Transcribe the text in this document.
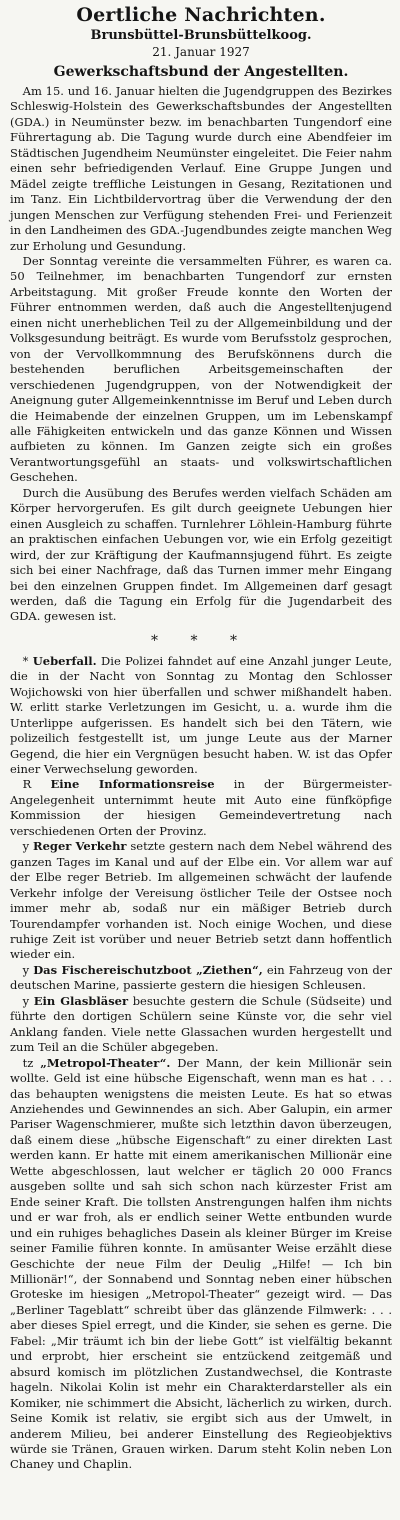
Oertliche Nachrichten.
Brunsbüttel-Brunsbüttelkoog.
21. Januar 1927
Gewerkschaftsbund der Angestellten.

Am 15. und 16. Januar hielten die Jugendgruppen des Bezirkes Schleswig-Holstein des Gewerkschaftsbundes der Angestellten (GDA.) in Neumünster bezw. im benachbarten Tungendorf eine Führertagung ab. Die Tagung wurde durch eine Abendfeier im Städtischen Jugendheim Neumünster eingeleitet. Die Feier nahm einen sehr befriedigenden Verlauf. Eine Gruppe Jungen und Mädel zeigte treffliche Leistungen in Gesang, Rezitationen und im Tanz. Ein Lichtbildervortrag über die Verwendung der den jungen Menschen zur Verfügung stehenden Frei- und Ferienzeit in den Landheimen des GDA.-Jugendbundes zeigte manchen Weg zur Erholung und Gesundung.

Der Sonntag vereinte die versammelten Führer, es waren ca. 50 Teilnehmer, im benachbarten Tungendorf zur ernsten Arbeitstagung. Mit großer Freude konnte den Worten der Führer entnommen werden, daß auch die Angestelltenjugend einen nicht unerheblichen Teil zu der Allgemeinbildung und der Volksgesundung beiträgt. Es wurde vom Berufsstolz gesprochen, von der Vervollkommnung des Berufskönnens durch die bestehenden beruflichen Arbeitsgemeinschaften der verschiedenen Jugendgruppen, von der Notwendigkeit der Aneignung guter Allgemeinkenntnisse im Beruf und Leben durch die Heimabende der einzelnen Gruppen, um im Lebenskampf alle Fähigkeiten entwickeln und das ganze Können und Wissen aufbieten zu können. Im Ganzen zeigte sich ein großes Verantwortungsgefühl an staats- und volkswirtschaftlichen Geschehen.

Durch die Ausübung des Berufes werden vielfach Schäden am Körper hervorgerufen. Es gilt durch geeignete Uebungen hier einen Ausgleich zu schaffen. Turnlehrer Löhlein-Hamburg führte an praktischen einfachen Uebungen vor, wie ein Erfolg gezeitigt wird, der zur Kräftigung der Kaufmannsjugend führt. Es zeigte sich bei einer Nachfrage, daß das Turnen immer mehr Eingang bei den einzelnen Gruppen findet. Im Allgemeinen darf gesagt werden, daß die Tagung ein Erfolg für die Jugendarbeit des GDA. gewesen ist.

* * *

* Ueberfall. Die Polizei fahndet auf eine Anzahl junger Leute, die in der Nacht von Sonntag zu Montag den Schlosser Wojichowski von hier überfallen und schwer mißhandelt haben. W. erlitt starke Verletzungen im Gesicht, u. a. wurde ihm die Unterlippe aufgerissen. Es handelt sich bei den Tätern, wie polizeilich festgestellt ist, um junge Leute aus der Marner Gegend, die hier ein Vergnügen besucht haben. W. ist das Opfer einer Verwechselung geworden.

R Eine Informationsreise in der Bürgermeister-Angelegenheit unternimmt heute mit Auto eine fünfköpfige Kommission der hiesigen Gemeindevertretung nach verschiedenen Orten der Provinz.

y Reger Verkehr setzte gestern nach dem Nebel während des ganzen Tages im Kanal und auf der Elbe ein. Vor allem war auf der Elbe reger Betrieb. Im allgemeinen schwächt der laufende Verkehr infolge der Vereisung östlicher Teile der Ostsee noch immer mehr ab, sodaß nur ein mäßiger Betrieb durch Tourendampfer vorhanden ist. Noch einige Wochen, und diese ruhige Zeit ist vorüber und neuer Betrieb setzt dann hoffentlich wieder ein.

y Das Fischereischutzboot „Ziethen“, ein Fahrzeug von der deutschen Marine, passierte gestern die hiesigen Schleusen.

y Ein Glasbläser besuchte gestern die Schule (Südseite) und führte den dortigen Schülern seine Künste vor, die sehr viel Anklang fanden. Viele nette Glassachen wurden hergestellt und zum Teil an die Schüler abgegeben.

tz „Metropol-Theater“. Der Mann, der kein Millionär sein wollte. Geld ist eine hübsche Eigenschaft, wenn man es hat . . . das behaupten wenigstens die meisten Leute. Es hat so etwas Anziehendes und Gewinnendes an sich. Aber Galupin, ein armer Pariser Wagenschmierer, mußte sich letzthin davon überzeugen, daß einem diese „hübsche Eigenschaft“ zu einer direkten Last werden kann. Er hatte mit einem amerikanischen Millionär eine Wette abgeschlossen, laut welcher er täglich 20 000 Francs ausgeben sollte und sah sich schon nach kürzester Frist am Ende seiner Kraft. Die tollsten Anstrengungen halfen ihm nichts und er war froh, als er endlich seiner Wette entbunden wurde und ein ruhiges behagliches Dasein als kleiner Bürger im Kreise seiner Familie führen konnte. In amüsanter Weise erzählt diese Geschichte der neue Film der Deulig „Hilfe! — Ich bin Millionär!“, der Sonnabend und Sonntag neben einer hübschen Groteske im hiesigen „Metropol-Theater“ gezeigt wird. — Das „Berliner Tageblatt“ schreibt über das glänzende Filmwerk: . . . aber dieses Spiel erregt, und die Kinder, sie sehen es gerne. Die Fabel: „Mir träumt ich bin der liebe Gott“ ist vielfältig bekannt und erprobt, hier erscheint sie entzückend zeitgemäß und absurd komisch im plötzlichen Zustandwechsel, die Kontraste hageln. Nikolai Kolin ist mehr ein Charakterdarsteller als ein Komiker, nie schimmert die Absicht, lächerlich zu wirken, durch. Seine Komik ist relativ, sie ergibt sich aus der Umwelt, in anderem Milieu, bei anderer Einstellung des Regieobjektivs würde sie Tränen, Grauen wirken. Darum steht Kolin neben Lon Chaney und Chaplin.
